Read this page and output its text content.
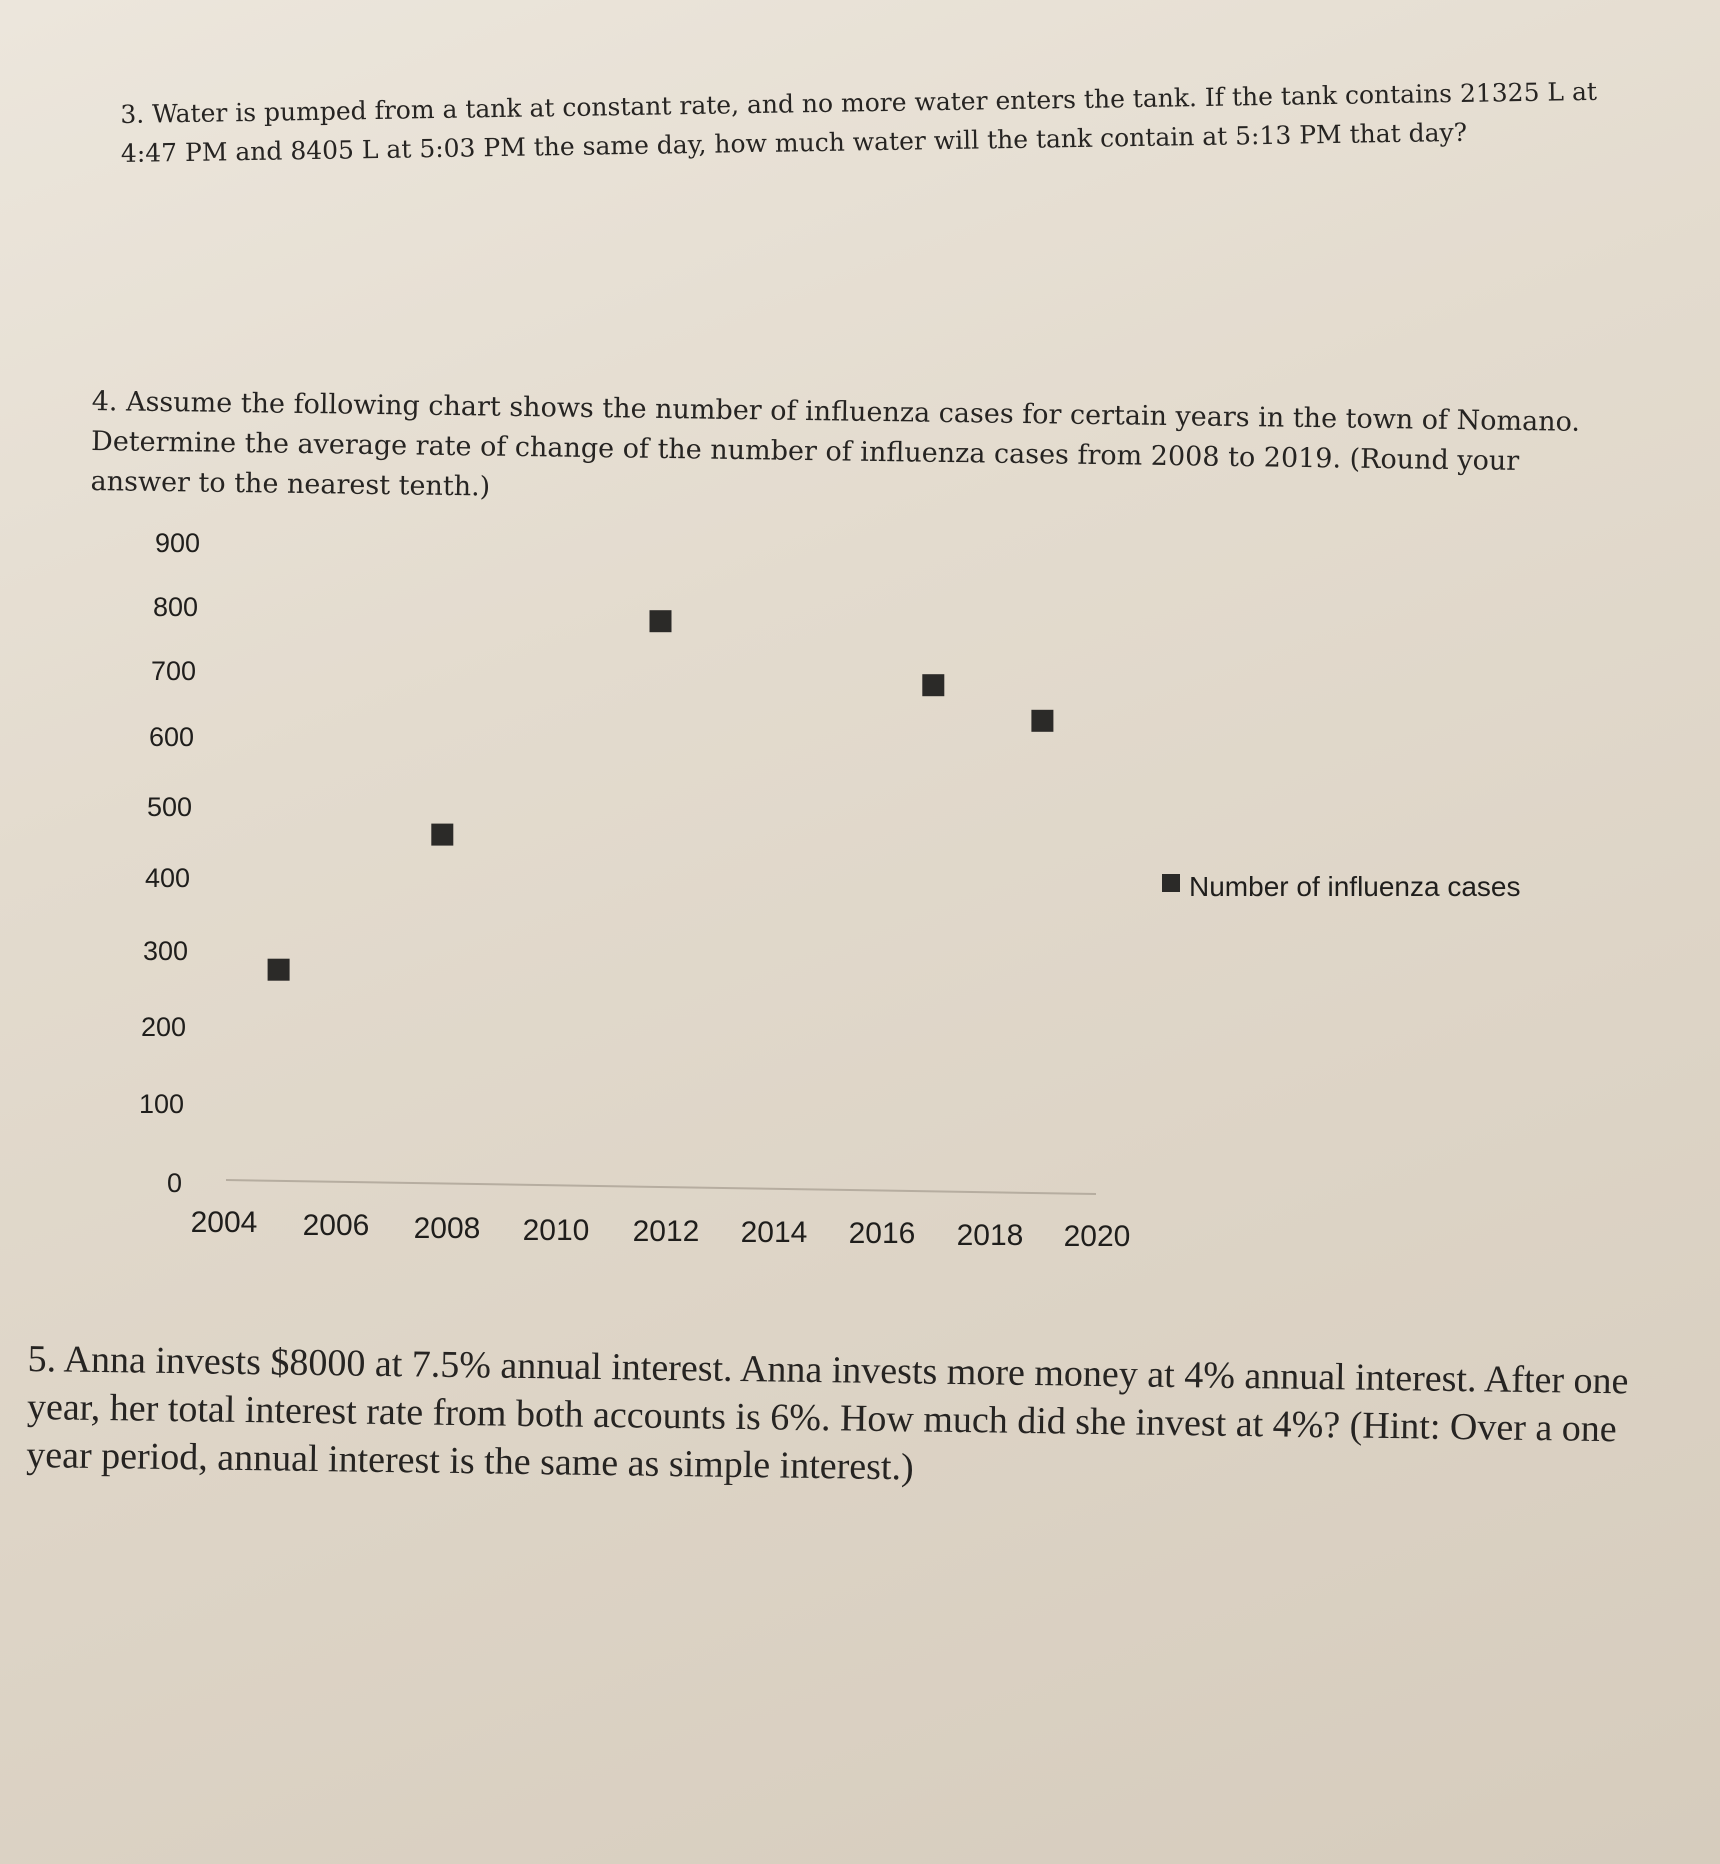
3. Water is pumped from a tank at constant rate, and no more water enters the tank. If the tank contains 21325 L at 4:47 PM and 8405 L at 5:03 PM the same day, how much water will the tank contain at 5:13 PM that day?

4. Assume the following chart shows the number of influenza cases for certain years in the town of Nomano. Determine the average rate of change of the number of influenza cases from 2008 to 2019. (Round your answer to the nearest tenth.)

900
800
700
600
500
400
300
200
100
0
2004 2006 2008 2010 2012 2014 2016 2018 2020
Number of influenza cases

5. Anna invests $8000 at 7.5% annual interest. Anna invests more money at 4% annual interest. After one year, her total interest rate from both accounts is 6%. How much did she invest at 4%? (Hint: Over a one year period, annual interest is the same as simple interest.)
